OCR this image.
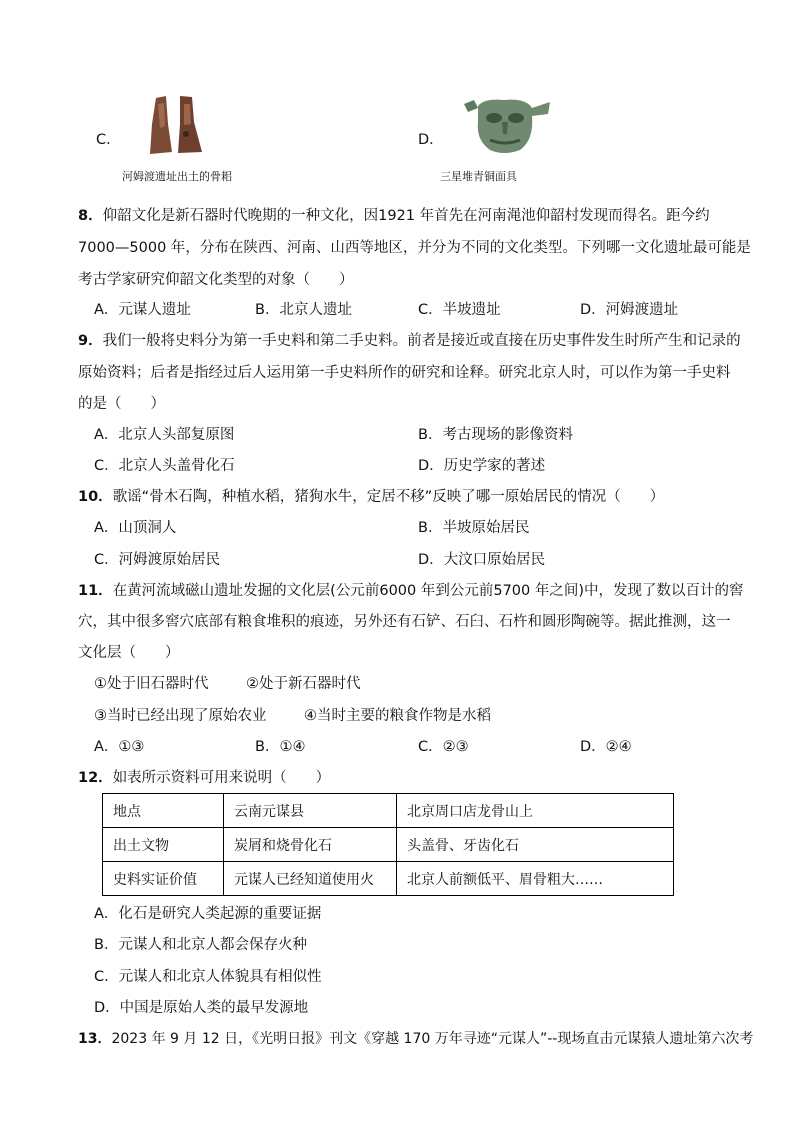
C．
河姆渡遗址出土的骨耜
D．
三星堆青铜面具
8．仰韶文化是新石器时代晚期的一种文化，因1921 年首先在河南渑池仰韶村发现而得名。距今约
7000—5000 年，分布在陕西、河南、山西等地区，并分为不同的文化类型。下列哪一文化遗址最可能是
考古学家研究仰韶文化类型的对象（　　）
A．元谋人遗址	B．北京人遗址	C．半坡遗址	D．河姆渡遗址
9．我们一般将史料分为第一手史料和第二手史料。前者是接近或直接在历史事件发生时所产生和记录的
原始资料；后者是指经过后人运用第一手史料所作的研究和诠释。研究北京人时，可以作为第一手史料
的是（　　）
A．北京人头部复原图	B．考古现场的影像资料
C．北京人头盖骨化石	D．历史学家的著述
10．歌谣“骨木石陶，种植水稻，猪狗水牛，定居不移”反映了哪一原始居民的情况（　　）
A．山顶洞人	B．半坡原始居民
C．河姆渡原始居民	D．大汶口原始居民
11．在黄河流域磁山遗址发掘的文化层(公元前6000 年到公元前5700 年之间)中，发现了数以百计的窖
穴，其中很多窖穴底部有粮食堆积的痕迹，另外还有石铲、石臼、石杵和圆形陶碗等。据此推测，这一
文化层（　　）
①处于旧石器时代	②处于新石器时代
③当时已经出现了原始农业	④当时主要的粮食作物是水稻
A．①③	B．①④	C．②③	D．②④
12．如表所示资料可用来说明（　　）
地点	云南元谋县	北京周口店龙骨山上
出土文物	炭屑和烧骨化石	头盖骨、牙齿化石
史料实证价值	元谋人已经知道使用火	北京人前额低平、眉骨粗大……
A．化石是研究人类起源的重要证据
B．元谋人和北京人都会保存火种
C．元谋人和北京人体貌具有相似性
D．中国是原始人类的最早发源地
13．2023 年 9 月 12 日，《光明日报》刊文《穿越 170 万年寻迹“元谋人”--现场直击元谋猿人遗址第六次考
